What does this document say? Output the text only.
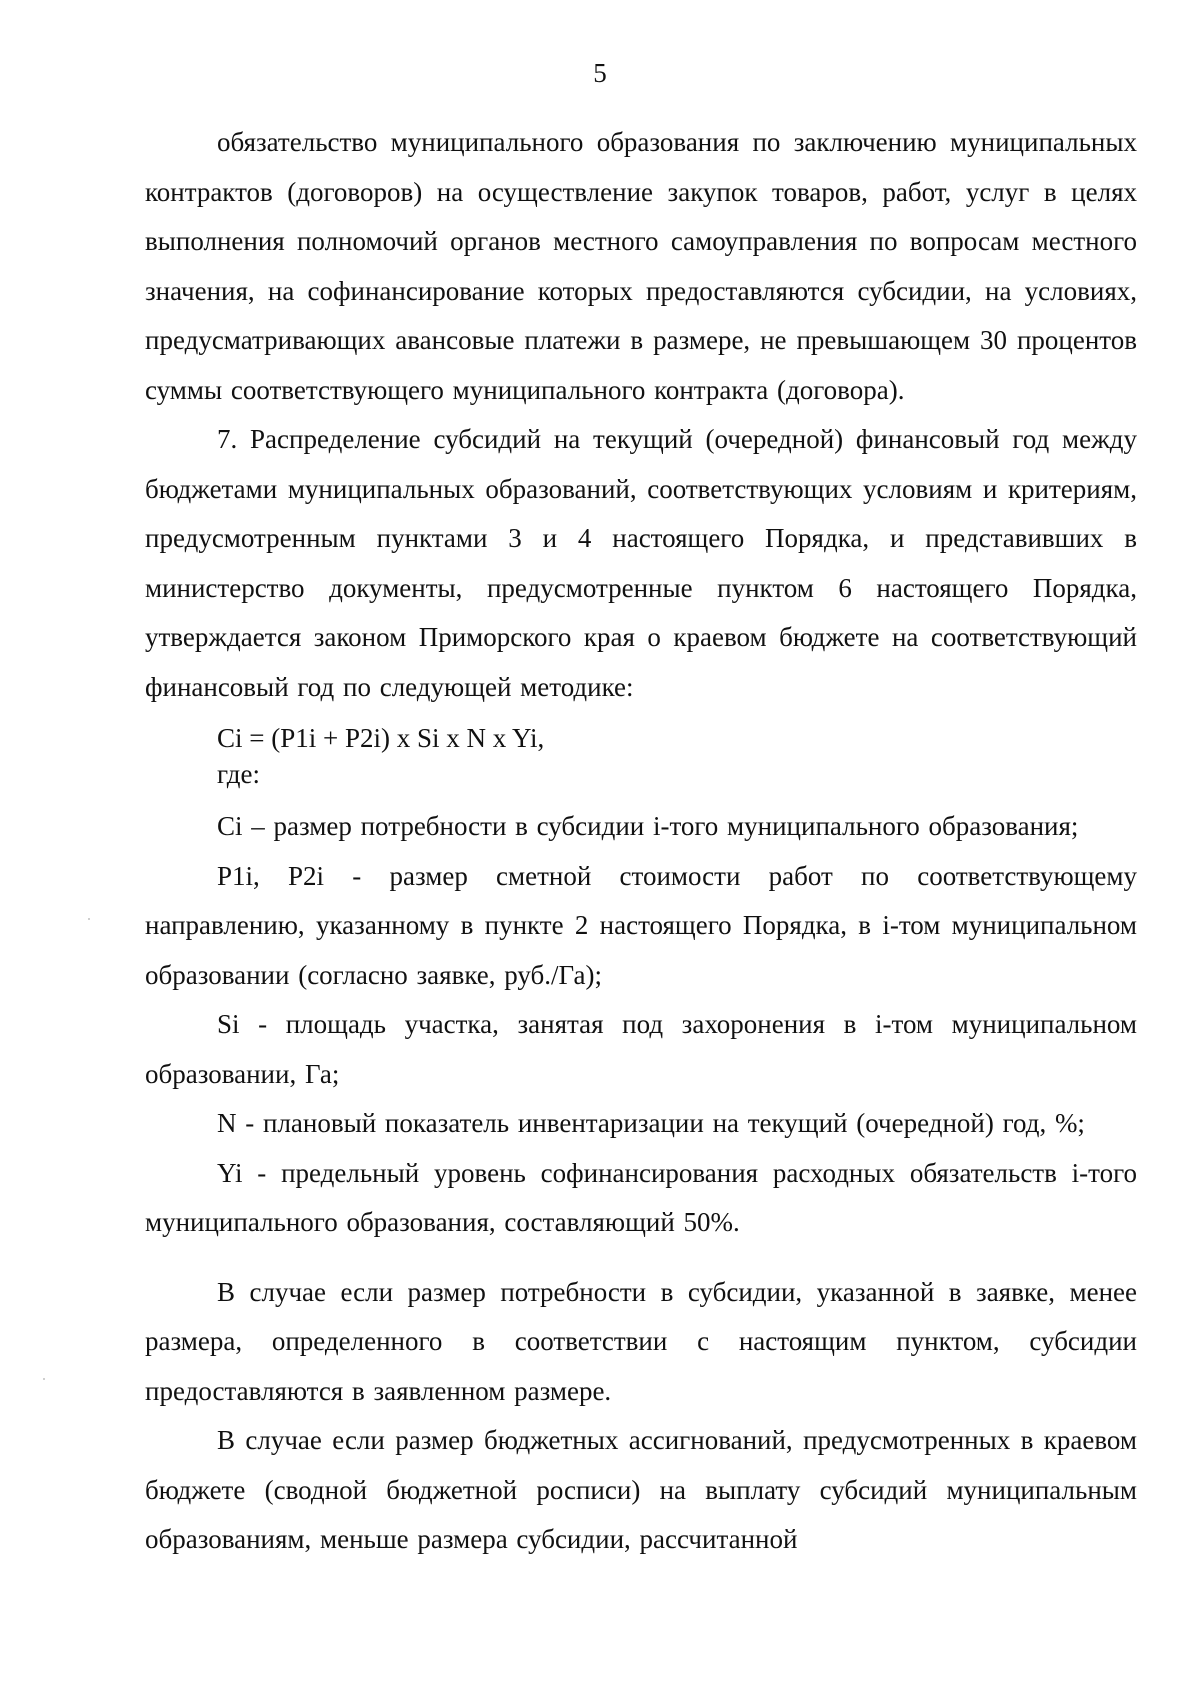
5

обязательство муниципального образования по заключению муниципальных контрактов (договоров) на осуществление закупок товаров, работ, услуг в целях выполнения полномочий органов местного самоуправления по вопросам местного значения, на софинансирование которых предоставляются субсидии, на условиях, предусматривающих авансовые платежи в размере, не превышающем 30 процентов суммы соответствующего муниципального контракта (договора).

7. Распределение субсидий на текущий (очередной) финансовый год между бюджетами муниципальных образований, соответствующих условиям и критериям, предусмотренным пунктами 3 и 4 настоящего Порядка, и представивших в министерство документы, предусмотренные пунктом 6 настоящего Порядка, утверждается законом Приморского края о краевом бюджете на соответствующий финансовый год по следующей методике:

Ci = (P1i + P2i) x Si x N x Yi,
где:

Ci – размер потребности в субсидии i-того муниципального образования;

P1i, P2i - размер сметной стоимости работ по соответствующему направлению, указанному в пункте 2 настоящего Порядка, в i-том муниципальном образовании (согласно заявке, руб./Га);

Si - площадь участка, занятая под захоронения в i-том муниципальном образовании, Га;

N - плановый показатель инвентаризации на текущий (очередной) год, %;

Yi - предельный уровень софинансирования расходных обязательств i-того муниципального образования, составляющий 50%.

В случае если размер потребности в субсидии, указанной в заявке, менее размера, определенного в соответствии с настоящим пунктом, субсидии предоставляются в заявленном размере.

В случае если размер бюджетных ассигнований, предусмотренных в краевом бюджете (сводной бюджетной росписи) на выплату субсидий муниципальным образованиям, меньше размера субсидии, рассчитанной
